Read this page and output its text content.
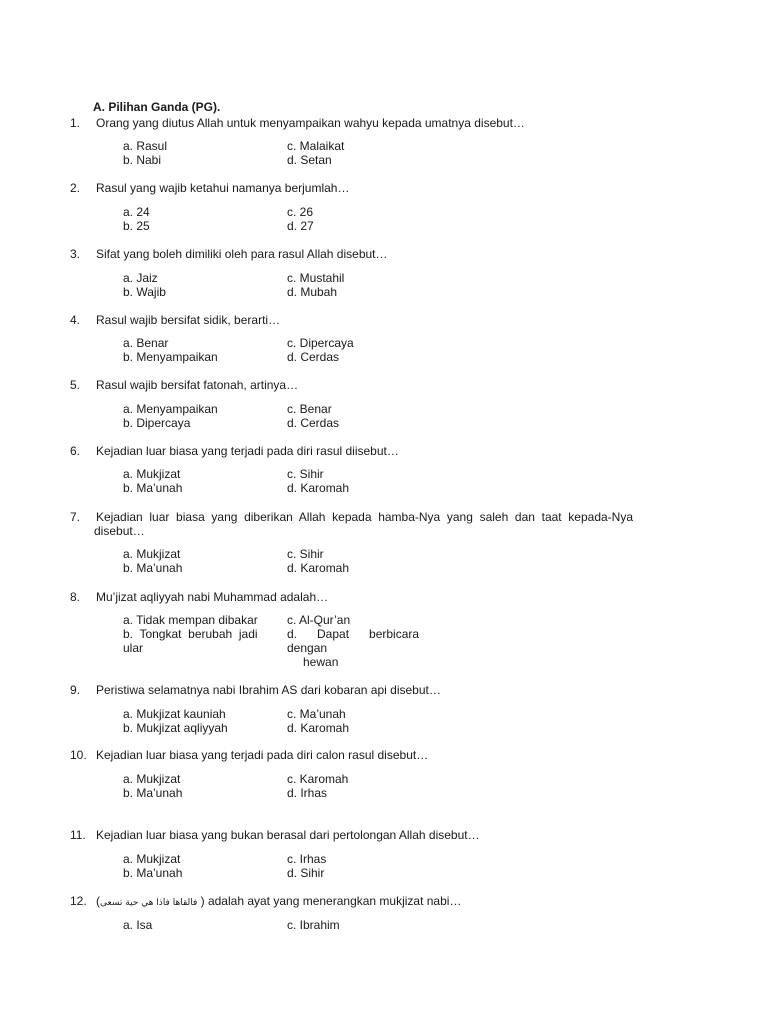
A. Pilihan Ganda (PG).
1. Orang yang diutus Allah untuk menyampaikan wahyu kepada umatnya disebut…
a. Rasul
b. Nabi
c. Malaikat
d. Setan
2. Rasul yang wajib ketahui namanya berjumlah…
a. 24
b. 25
c. 26
d. 27
3. Sifat yang boleh dimiliki oleh para rasul Allah disebut…
a. Jaiz
b. Wajib
c. Mustahil
d. Mubah
4. Rasul wajib bersifat sidik, berarti…
a. Benar
b. Menyampaikan
c. Dipercaya
d. Cerdas
5. Rasul wajib bersifat fatonah, artinya…
a. Menyampaikan
b. Dipercaya
c. Benar
d. Cerdas
6. Kejadian luar biasa yang terjadi pada diri rasul diisebut…
a. Mukjizat
b. Ma’unah
c. Sihir
d. Karomah
7. Kejadian  luar  biasa  yang  diberikan  Allah  kepada  hamba-Nya  yang  saleh  dan  taat  kepada-Nya
disebut…
a. Mukjizat
b. Ma’unah
c. Sihir
d. Karomah
8. Mu’jizat aqliyyah nabi Muhammad adalah…
a. Tidak mempan dibakar
b.  Tongkat  berubah  jadi
ular
c. Al-Qur’an
d.      Dapat      berbicara
dengan
hewan
9. Peristiwa selamatnya nabi Ibrahim AS dari kobaran api disebut…
a. Mukjizat kauniah
b. Mukjizat aqliyyah
c. Ma’unah
d. Karomah
10. Kejadian luar biasa yang terjadi pada diri calon rasul disebut…
a. Mukjizat
b. Ma’unah
c. Karomah
d. Irhas
11. Kejadian luar biasa yang bukan berasal dari pertolongan Allah disebut…
a. Mukjizat
b. Ma’unah
c. Irhas
d. Sihir
12. (فالقاها فاذا هي حية تسعى ) adalah ayat yang menerangkan mukjizat nabi…
a. Isa	c. Ibrahim
